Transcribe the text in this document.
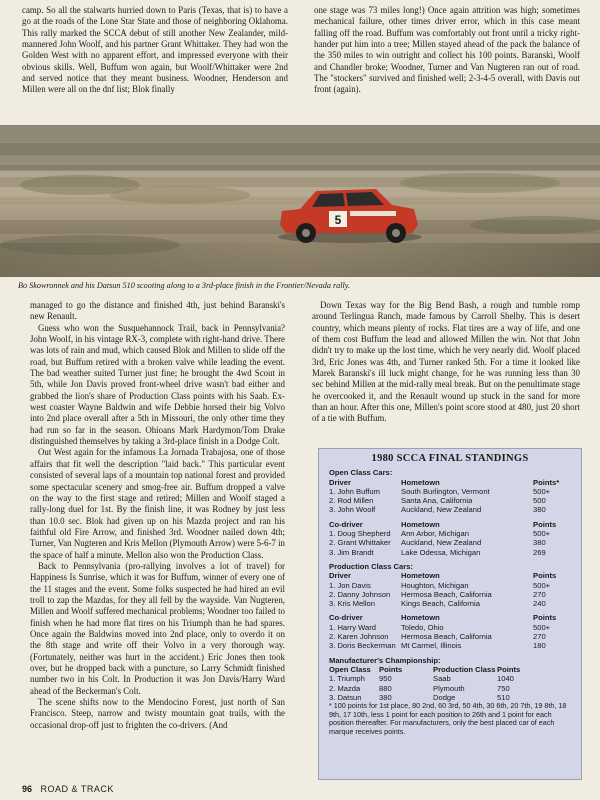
camp. So all the stalwarts hurried down to Paris (Texas, that is) to have a go at the roads of the Lone Star State and those of neighboring Oklahoma. This rally marked the SCCA debut of still another New Zealander, mild-mannered John Woolf, and his partner Grant Whittaker. They had won the Golden West with no apparent effort, and impressed everyone with their obvious skills. Well, Buffum won again, but Woolf/Whittaker were 2nd and served notice that they meant business. Woodner, Henderson and Millen were all on the dnf list; Blok finally

one stage was 73 miles long!) Once again attrition was high; sometimes mechanical failure, other times driver error, which in this case meant falling off the road. Buffum was comfortably out front until a tricky right-hander put him into a tree; Millen stayed ahead of the pack the balance of the 350 miles to win outright and collect his 100 points. Baranski, Woolf and Chandler broke; Woodner, Turner and Van Nugteren ran out of road. The "stockers" survived and finished well; 2-3-4-5 overall, with Davis out front (again).

5
Bo Skowronnek and his Datsun 510 scooting along to a 3rd-place finish in the Frontier/Nevada rally.

managed to go the distance and finished 4th, just behind Baranski's new Renault.

Guess who won the Susquehannock Trail, back in Pennsylvania? John Woolf, in his vintage RX-3, complete with right-hand drive. There was lots of rain and mud, which caused Blok and Millen to slide off the road, but Buffum retired with a broken valve while leading the event. The bad weather suited Turner just fine; he brought the 4wd Scout in 5th, while Jon Davis proved front-wheel drive wasn't bad either and grabbed the lion's share of Production Class points with his Saab. Ex-west coaster Wayne Baldwin and wife Debbie horsed their big Volvo into 2nd place overall after a 5th in Missouri, the only other time they had run so far in the season. Ohioans Mark Hardymon/Tom Drake distinguished themselves by taking a 3rd-place finish in a Dodge Colt.

Out West again for the infamous La Jornada Trabajosa, one of those affairs that fit well the description "laid back." This particular event consisted of several laps of a mountain top national forest and provided some spectacular scenery and smog-free air. Buffum dropped a valve on the way to the first stage and retired; Millen and Woolf staged a rally-long duel for 1st. By the finish line, it was Rodney by just less than 10.0 sec. Blok had given up on his Mazda project and ran his faithful old Fire Arrow, and finished 3rd. Woodner nailed down 4th; Turner, Van Nugteren and Kris Mellon (Plymouth Arrow) were 5-6-7 in the space of half a minute. Mellon also won the Production Class.

Back to Pennsylvania (pro-rallying involves a lot of travel) for Happiness Is Sunrise, which it was for Buffum, winner of every one of the 11 stages and the event. Some folks suspected he had hired an evil troll to zap the Mazdas, for they all fell by the wayside. Van Nugteren, Millen and Woolf suffered mechanical problems; Woodner too failed to finish when he had more flat tires on his Triumph than he had spares. Once again the Baldwins moved into 2nd place, only to overdo it on the 8th stage and write off their Volvo in a very thorough way. (Fortunately, neither was hurt in the accident.) Eric Jones then took over, but he dropped back with a puncture, so Larry Schmidt finished number two in his Colt. In Production it was Jon Davis/Harry Ward ahead of the Beckerman's Colt.

The scene shifts now to the Mendocino Forest, just north of San Francisco. Steep, narrow and twisty mountain goat trails, with the occasional drop-off just to frighten the co-drivers. (And

Down Texas way for the Big Bend Bash, a rough and tumble romp around Terlingua Ranch, made famous by Carroll Shelby. This is desert country, which means plenty of rocks. Flat tires are a way of life, and one of them cost Buffum the lead and allowed Millen the win. Not that John didn't try to make up the lost time, which he very nearly did. Woolf placed 3rd, Eric Jones was 4th, and Turner ranked 5th. For a time it looked like Marek Baranski's ill luck might change, for he was running less than 30 sec behind Millen at the mid-rally meal break. But on the penultimate stage he overcooked it, and the Renault wound up stuck in the sand for more than an hour. After this one, Millen's point score stood at 480, just 20 short of a tie with Buffum.

1980 SCCA FINAL STANDINGS
Open Class Cars:
Driver	Hometown	Points*
1. John Buffum	South Burlington, Vermont	500+
2. Rod Millen	Santa Ana, California	500
3. John Woolf	Auckland, New Zealand	380
Co-driver	Hometown	Points
1. Doug Shepherd	Ann Arbor, Michigan	500+
2. Grant Whittaker	Auckland, New Zealand	380
3. Jim Brandt	Lake Odessa, Michigan	269
Production Class Cars:
Driver	Hometown	Points
1. Jon Davis	Houghton, Michigan	500+
2. Danny Johnson	Hermosa Beach, California	270
3. Kris Mellon	Kings Beach, California	240
Co-driver	Hometown	Points
1. Harry Ward	Toledo, Ohio	500+
2. Karen Johnson	Hermosa Beach, California	270
3. Doris Beckerman Mt Carmel, Illinois	180
Manufacturer's Championship:
Open Class	Points	Production Class Points
1. Triumph	950	Saab	1040
2. Mazda	880	Plymouth	750
3. Datsun	380	Dodge	510
* 100 points for 1st place, 80 2nd, 60 3rd, 50 4th, 30 6th, 20 7th, 19 8th, 18 9th, 17 10th, less 1 point for each position to 26th and 1 point for each position thereafter. For manufacturers, only the best placed car of each marque receives points.
96 ROAD & TRACK
